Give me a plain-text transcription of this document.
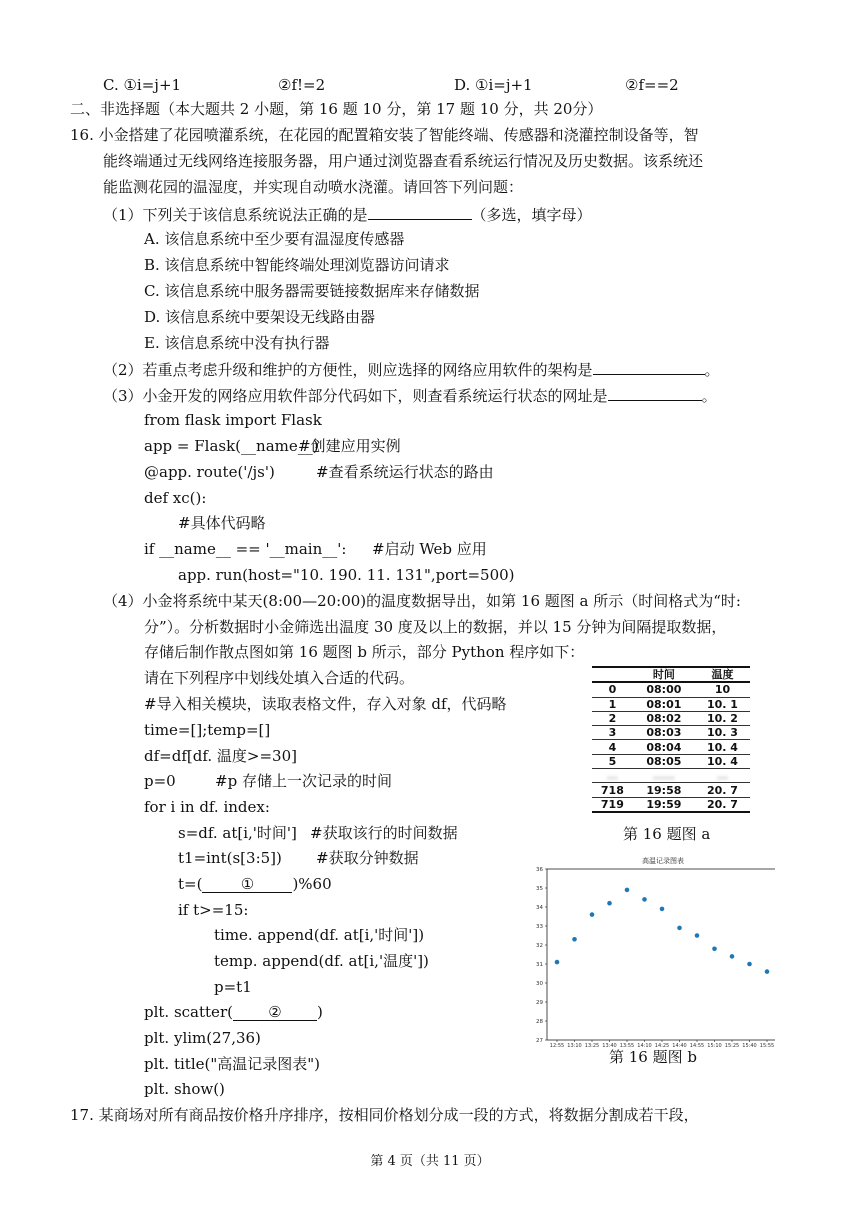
C. ①i=j+1	②f!=2	D. ①i=j+1	②f==2
二、非选择题（本大题共 2 小题，第 16 题 10 分，第 17 题 10 分，共 20分）
16. 小金搭建了花园喷灌系统，在花园的配置箱安装了智能终端、传感器和浇灌控制设备等，智
能终端通过无线网络连接服务器，用户通过浏览器查看系统运行情况及历史数据。该系统还
能监测花园的温湿度，并实现自动喷水浇灌。请回答下列问题：
（1）下列关于该信息系统说法正确的是	（多选，填字母）
A. 该信息系统中至少要有温湿度传感器
B. 该信息系统中智能终端处理浏览器访问请求
C. 该信息系统中服务器需要链接数据库来存储数据
D. 该信息系统中要架设无线路由器
E. 该信息系统中没有执行器
（2）若重点考虑升级和维护的方便性，则应选择的网络应用软件的架构是	。
（3）小金开发的网络应用软件部分代码如下，则查看系统运行状态的网址是	。
from flask import Flask
app = Flask(__name__)
#创建应用实例
@app. route('/js')	#查看系统运行状态的路由
def xc():
#具体代码略
if __name__ == '__main__': #启动 Web 应用
app. run(host="10. 190. 11. 131",port=500)
（4）小金将系统中某天(8:00—20:00)的温度数据导出，如第 16 题图 a 所示（时间格式为“时:
分”）。分析数据时小金筛选出温度 30 度及以上的数据，并以 15 分钟为间隔提取数据，
存储后制作散点图如第 16 题图 b 所示，部分 Python 程序如下：
请在下列程序中划线处填入合适的代码。
#导入相关模块，读取表格文件，存入对象 df，代码略
time=[];temp=[]
df=df[df. 温度>=30]
p=0	#p 存储上一次记录的时间
for i in df. index:
s=df. at[i,'时间'] #获取该行的时间数据
t1=int(s[3:5]) #获取分钟数据
t=(	①	)%60
if t>=15:
time. append(df. at[i,'时间'])
temp. append(df. at[i,'温度'])
p=t1
plt. scatter( ② )
plt. ylim(27,36)
plt. title("高温记录图表")
plt. show()
17. 某商场对所有商品按价格升序排序，按相同价格划分成一段的方式，将数据分割成若干段，
	时间	温度
0	08:00	10
1	08:01	10. 1
2	08:02	10. 2
3	08:03	10. 3
4	08:04	10. 4
5	08:05	10. 4
…	……	…
718	19:58	20. 7
719	19:59	20. 7
第 16 题图 a
高温记录图表
27
28
29
30
31
32
33
34
35
36
12:55 13:10 13:25 13:40 13:55 14:10 14:25 14:40 14:55 15:10 15:25 15:40 15:55
第 16 题图 b
第 4 页（共 11 页）
